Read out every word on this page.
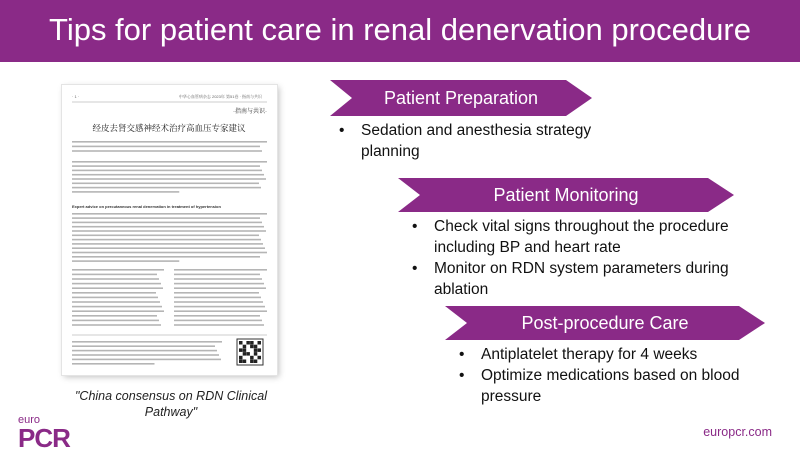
Tips for patient care in renal denervation procedure
· 1 ·	中华心血管病杂志 2023年 第51卷 · 指南与共识
·指南与共识·
经皮去肾交感神经术治疗高血压专家建议
Expert advice on percutaneous renal denervation in treatment of hypertension
"China consensus on RDN Clinical Pathway"
Patient Preparation
• Sedation and anesthesia strategy planning
Patient Monitoring
• Check vital signs throughout the procedure including BP and heart rate
• Monitor on RDN system parameters during ablation
Post-procedure Care
• Antiplatelet therapy for 4 weeks
• Optimize medications based on blood pressure
euro
PCR	europcr.com
